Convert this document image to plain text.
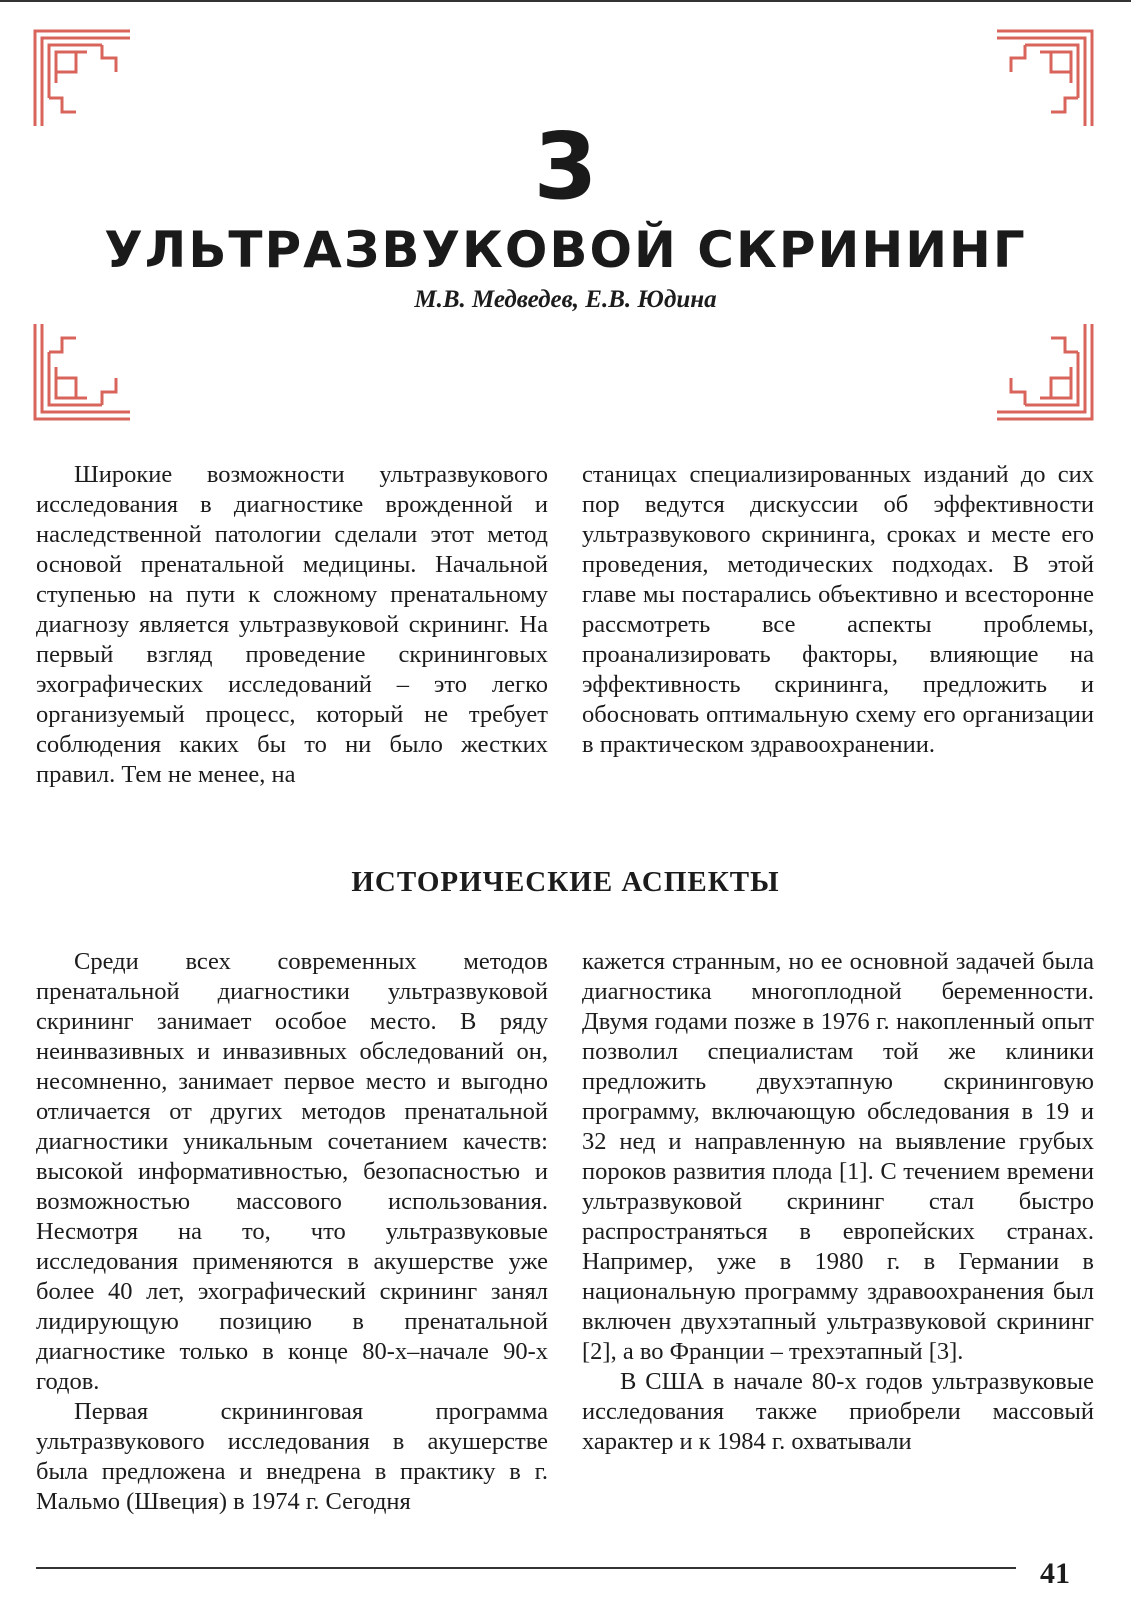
3
УЛЬТРАЗВУКОВОЙ СКРИНИНГ
М.В. Медведев, Е.В. Юдина

Широкие возможности ультразвукового исследования в диагностике врожденной и наследственной патологии сделали этот метод основой пренатальной медицины. Начальной ступенью на пути к сложному пренатальному диагнозу является ультразвуковой скрининг. На первый взгляд проведение скрининговых эхографических исследований – это легко организуемый процесс, который не требует соблюдения каких бы то ни было жестких правил. Тем не менее, на

станицах специализированных изданий до сих пор ведутся дискуссии об эффективности ультразвукового скрининга, сроках и месте его проведения, методических подходах. В этой главе мы постарались объективно и всесторонне рассмотреть все аспекты проблемы, проанализировать факторы, влияющие на эффективность скрининга, предложить и обосновать оптимальную схему его организации в практическом здравоохранении.

ИСТОРИЧЕСКИЕ АСПЕКТЫ

Среди всех современных методов пренатальной диагностики ультразвуковой скрининг занимает особое место. В ряду неинвазивных и инвазивных обследований он, несомненно, занимает первое место и выгодно отличается от других методов пренатальной диагностики уникальным сочетанием качеств: высокой информативностью, безопасностью и возможностью массового использования. Несмотря на то, что ультразвуковые исследования применяются в акушерстве уже более 40 лет, эхографический скрининг занял лидирующую позицию в пренатальной диагностике только в конце 80-х–начале 90-х годов.

Первая скрининговая программа ультразвукового исследования в акушерстве была предложена и внедрена в практику в г. Мальмо (Швеция) в 1974 г. Сегодня

кажется странным, но ее основной задачей была диагностика многоплодной беременности. Двумя годами позже в 1976 г. накопленный опыт позволил специалистам той же клиники предложить двухэтапную скрининговую программу, включающую обследования в 19 и 32 нед и направленную на выявление грубых пороков развития плода [1]. С течением времени ультразвуковой скрининг стал быстро распространяться в европейских странах. Например, уже в 1980 г. в Германии в национальную программу здравоохранения был включен двухэтапный ультразвуковой скрининг [2], а во Франции – трехэтапный [3].

В США в начале 80-х годов ультразвуковые исследования также приобрели массовый характер и к 1984 г. охватывали

41
